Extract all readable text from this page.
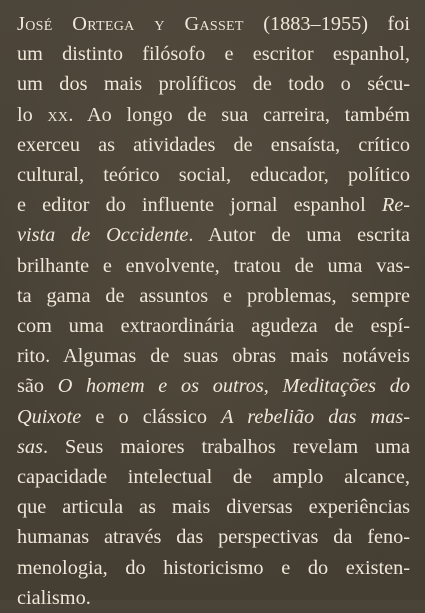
José Ortega y Gasset (1883–1955) foi
um distinto filósofo e escritor espanhol,
um dos mais prolíficos de todo o sécu-
lo xx. Ao longo de sua carreira, também
exerceu as atividades de ensaísta, crítico
cultural, teórico social, educador, político
e editor do influente jornal espanhol Re-
vista de Occidente. Autor de uma escrita
brilhante e envolvente, tratou de uma vas-
ta gama de assuntos e problemas, sempre
com uma extraordinária agudeza de espí-
rito. Algumas de suas obras mais notáveis
são O homem e os outros, Meditações do
Quixote e o clássico A rebelião das mas-
sas. Seus maiores trabalhos revelam uma
capacidade intelectual de amplo alcance,
que articula as mais diversas experiências
humanas através das perspectivas da feno-
menologia, do historicismo e do existen-
cialismo.
